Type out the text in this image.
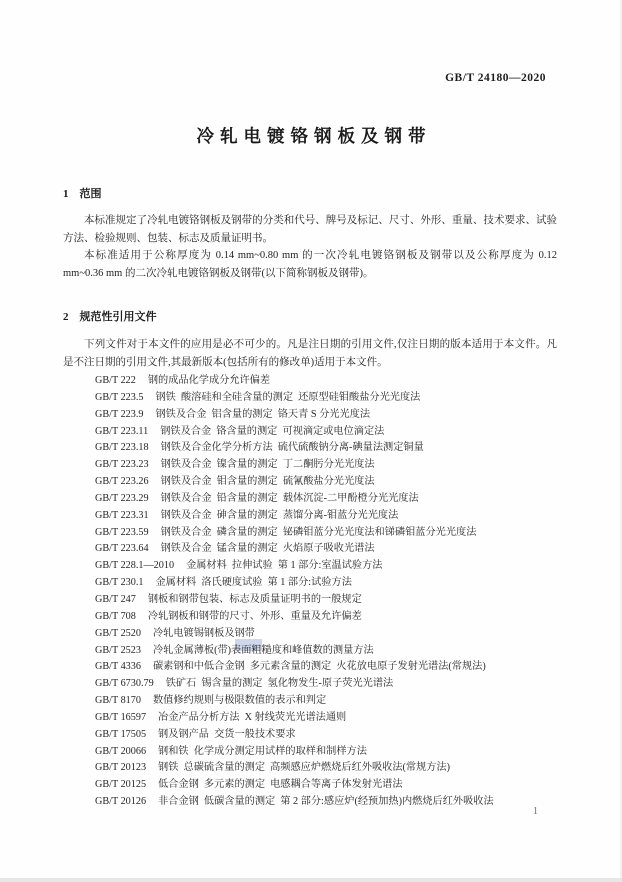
GB/T 24180—2020
冷轧电镀铬钢板及钢带
1 范围

本标准规定了冷轧电镀铬钢板及钢带的分类和代号、牌号及标记、尺寸、外形、重量、技术要求、试验方法、检验规则、包装、标志及质量证明书。

本标准适用于公称厚度为 0.14 mm~0.80 mm 的一次冷轧电镀铬钢板及钢带以及公称厚度为 0.12 mm~0.36 mm 的二次冷轧电镀铬钢板及钢带(以下简称钢板及钢带)。

2 规范性引用文件

下列文件对于本文件的应用是必不可少的。凡是注日期的引用文件,仅注日期的版本适用于本文件。凡是不注日期的引用文件,其最新版本(包括所有的修改单)适用于本文件。

GB/T 222 钢的成品化学成分允许偏差
GB/T 223.5 钢铁  酸溶硅和全硅含量的测定  还原型硅钼酸盐分光光度法
GB/T 223.9 钢铁及合金  铝含量的测定  铬天青 S 分光光度法
GB/T 223.11 钢铁及合金  铬含量的测定  可视滴定或电位滴定法
GB/T 223.18 钢铁及合金化学分析方法  硫代硫酸钠分离-碘量法测定铜量
GB/T 223.23 钢铁及合金  镍含量的测定  丁二酮肟分光光度法
GB/T 223.26 钢铁及合金  钼含量的测定  硫氰酸盐分光光度法
GB/T 223.29 钢铁及合金  铅含量的测定  载体沉淀-二甲酚橙分光光度法
GB/T 223.31 钢铁及合金  砷含量的测定  蒸馏分离-钼蓝分光光度法
GB/T 223.59 钢铁及合金  磷含量的测定  铋磷钼蓝分光光度法和锑磷钼蓝分光光度法
GB/T 223.64 钢铁及合金  锰含量的测定  火焰原子吸收光谱法
GB/T 228.1—2010 金属材料  拉伸试验  第 1 部分:室温试验方法
GB/T 230.1 金属材料  洛氏硬度试验  第 1 部分:试验方法
GB/T 247 钢板和钢带包装、标志及质量证明书的一般规定
GB/T 708 冷轧钢板和钢带的尺寸、外形、重量及允许偏差
GB/T 2520 冷轧电镀锡钢板及钢带
GB/T 2523 冷轧金属薄板(带)表面粗糙度和峰值数的测量方法
GB/T 4336 碳素钢和中低合金钢  多元素含量的测定  火花放电原子发射光谱法(常规法)
GB/T 6730.79 铁矿石  锡含量的测定  氢化物发生-原子荧光光谱法
GB/T 8170 数值修约规则与极限数值的表示和判定
GB/T 16597 冶金产品分析方法  X 射线荧光光谱法通则
GB/T 17505 钢及钢产品  交货一般技术要求
GB/T 20066 钢和铁  化学成分测定用试样的取样和制样方法
GB/T 20123 钢铁  总碳硫含量的测定  高频感应炉燃烧后红外吸收法(常规方法)
GB/T 20125 低合金钢  多元素的测定  电感耦合等离子体发射光谱法
GB/T 20126 非合金钢  低碳含量的测定  第 2 部分:感应炉(经预加热)内燃烧后红外吸收法
1
